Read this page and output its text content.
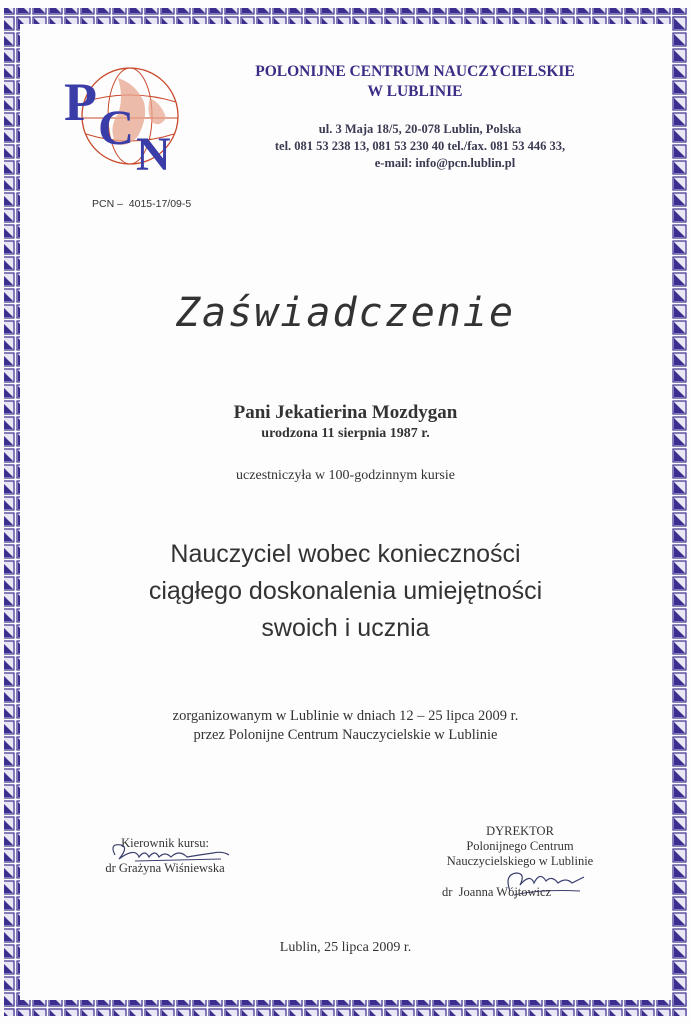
P C N
POLONIJNE CENTRUM NAUCZYCIELSKIE
W LUBLINIE
ul. 3 Maja 18/5, 20-078 Lublin, Polska
tel. 081 53 238 13, 081 53 230 40 tel./fax. 081 53 446 33,
e-mail: info@pcn.lublin.pl
PCN –  4015-17/09-5
Zaświadczenie
Pani Jekatierina Mozdygan
urodzona 11 sierpnia 1987 r.
uczestniczyła w 100-godzinnym kursie
Nauczyciel wobec konieczności
ciągłego doskonalenia umiejętności
swoich i ucznia
zorganizowanym w Lublinie w dniach 12 – 25 lipca 2009 r.
przez Polonijne Centrum Nauczycielskie w Lublinie
Kierownik kursu:
dr Grażyna Wiśniewska
DYREKTOR
Polonijnego Centrum
Nauczycielskiego w Lublinie
dr  Joanna Wójtowicz
Lublin, 25 lipca 2009 r.
